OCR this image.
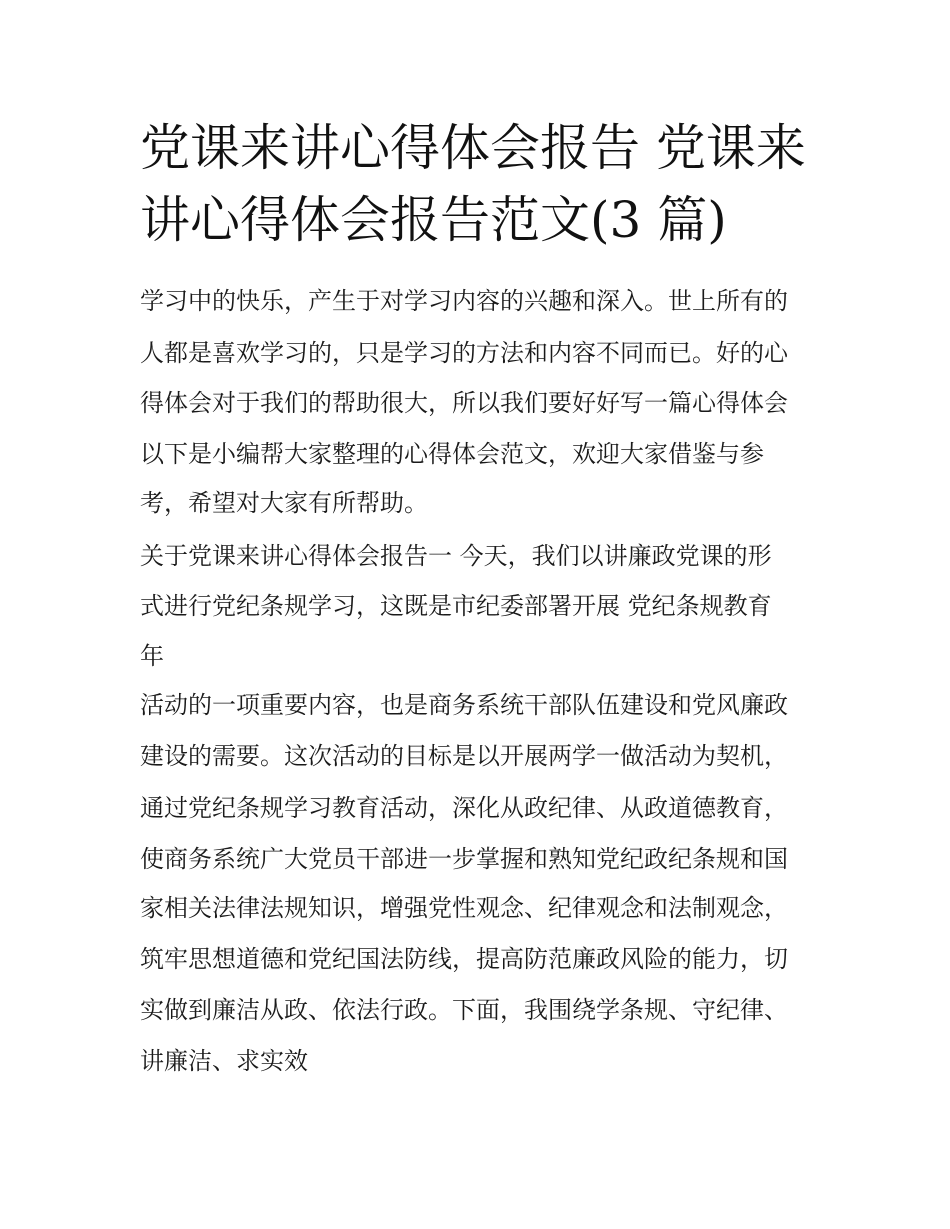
党课来讲心得体会报告 党课来
讲心得体会报告范文(3 篇)
学习中的快乐，产生于对学习内容的兴趣和深入。世上所有的
人都是喜欢学习的，只是学习的方法和内容不同而已。好的心
得体会对于我们的帮助很大，所以我们要好好写一篇心得体会
以下是小编帮大家整理的心得体会范文，欢迎大家借鉴与参
考，希望对大家有所帮助。
关于党课来讲心得体会报告一 今天，我们以讲廉政党课的形
式进行党纪条规学习，这既是市纪委部署开展 党纪条规教育
年
活动的一项重要内容，也是商务系统干部队伍建设和党风廉政
建设的需要。这次活动的目标是以开展两学一做活动为契机，
通过党纪条规学习教育活动，深化从政纪律、从政道德教育，
使商务系统广大党员干部进一步掌握和熟知党纪政纪条规和国
家相关法律法规知识，增强党性观念、纪律观念和法制观念，
筑牢思想道德和党纪国法防线，提高防范廉政风险的能力，切
实做到廉洁从政、依法行政。下面，我围绕学条规、守纪律、
讲廉洁、求实效
